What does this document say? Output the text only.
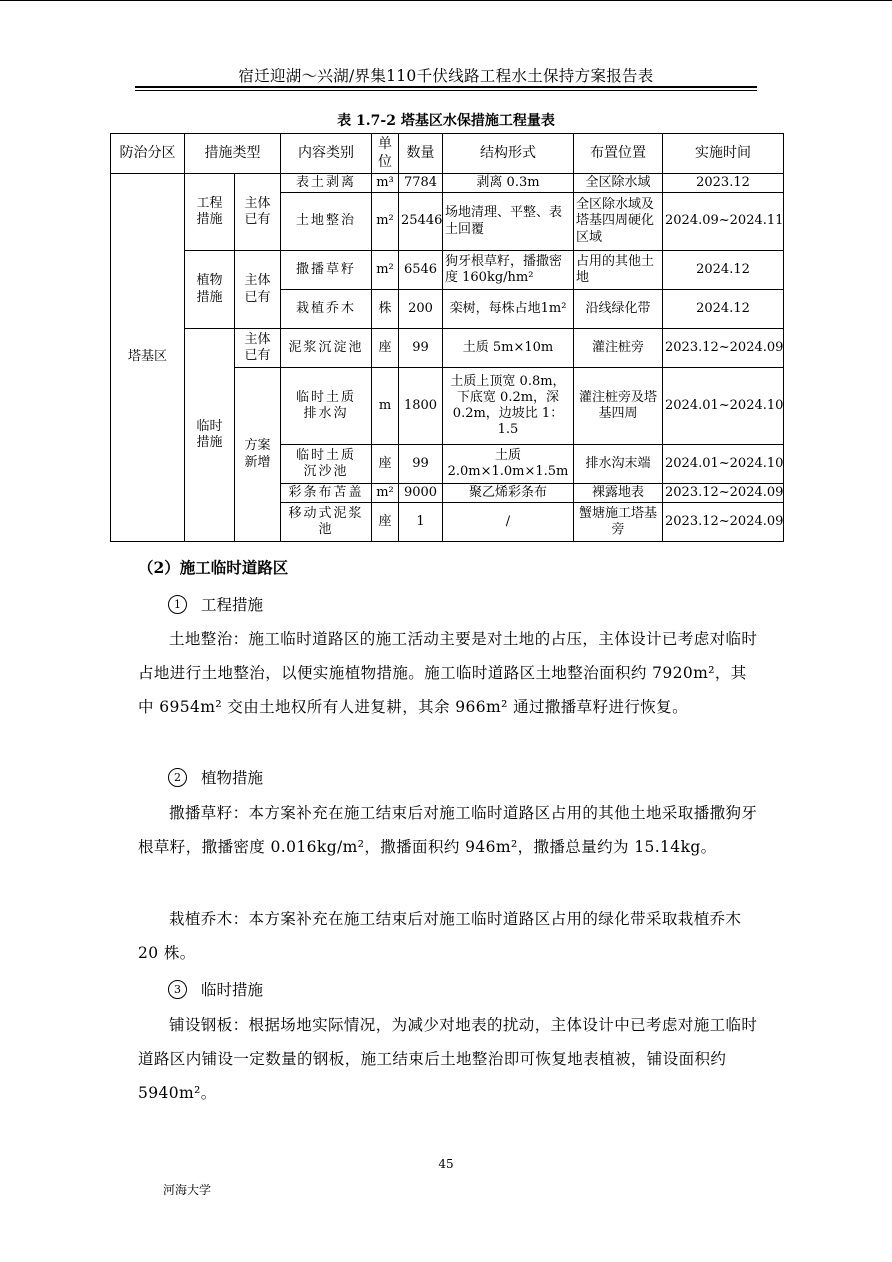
宿迁迎湖～兴湖/界集110千伏线路工程水土保持方案报告表
表 1.7-2 塔基区水保措施工程量表
防治分区	措施类型		内容类别	单位	数量	结构形式	布置位置	实施时间
塔基区	工程措施	主体已有	表土剥离	m³	7784	剥离 0.3m	全区除水域	2023.12
			土地整治	m²	25446	场地清理、平整、表土回覆	全区除水域及塔基四周硬化区域	2024.09~2024.11
	植物措施	主体已有	撒播草籽	m²	6546	狗牙根草籽，播撒密度 160kg/hm²	占用的其他土地	2024.12
			栽植乔木	株	200	栾树，每株占地1m²	沿线绿化带	2024.12
	临时措施	主体已有	泥浆沉淀池	座	99	土质 5m×10m	灌注桩旁	2023.12~2024.09
		方案新增	临时土质排水沟	m	1800	土质上顶宽 0.8m，下底宽 0.2m，深 0.2m，边坡比 1：1.5	灌注桩旁及塔基四周	2024.01~2024.10
			临时土质沉沙池	座	99	土质 2.0m×1.0m×1.5m	排水沟末端	2024.01~2024.10
			彩条布苫盖	m²	9000	聚乙烯彩条布	裸露地表	2023.12~2024.09
			移动式泥浆池	座	1	/	蟹塘施工塔基旁	2023.12~2024.09
（2）施工临时道路区
1 工程措施

土地整治：施工临时道路区的施工活动主要是对土地的占压，主体设计已考虑对临时占地进行土地整治，以便实施植物措施。施工临时道路区土地整治面积约 7920m²，其中 6954m² 交由土地权所有人进复耕，其余 966m² 通过撒播草籽进行恢复。

2 植物措施

撒播草籽：本方案补充在施工结束后对施工临时道路区占用的其他土地采取播撒狗牙根草籽，撒播密度 0.016kg/m²，撒播面积约 946m²，撒播总量约为 15.14kg。

栽植乔木：本方案补充在施工结束后对施工临时道路区占用的绿化带采取栽植乔木 20 株。

3 临时措施

铺设钢板：根据场地实际情况，为减少对地表的扰动，主体设计中已考虑对施工临时道路区内铺设一定数量的钢板，施工结束后土地整治即可恢复地表植被，铺设面积约 5940m²。

45
河海大学
